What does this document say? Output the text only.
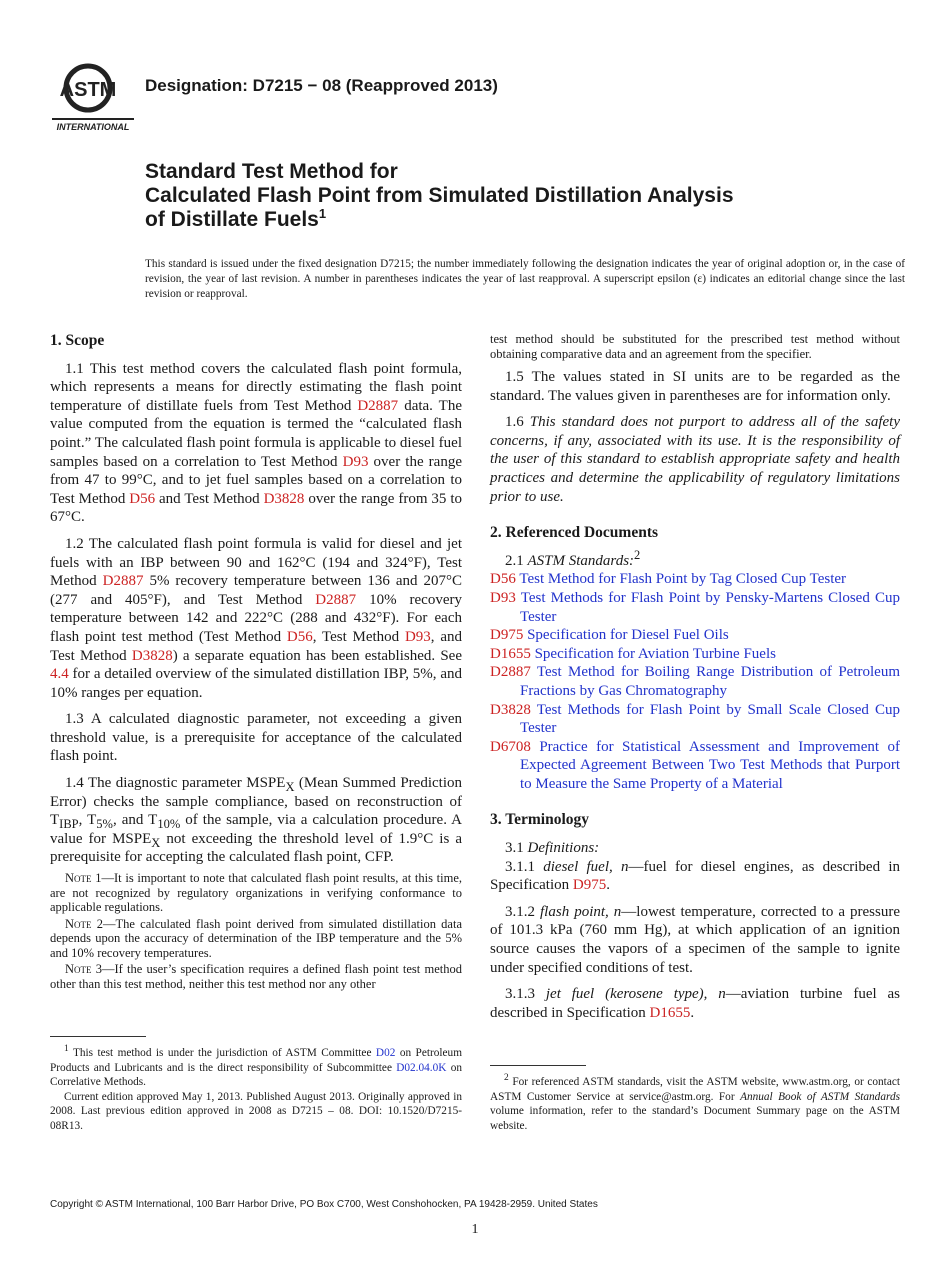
ASTM
INTERNATIONAL
Designation: D7215 − 08 (Reapproved 2013)
Standard Test Method for
Calculated Flash Point from Simulated Distillation Analysis
of Distillate Fuels$^1$
This standard is issued under the fixed designation D7215; the number immediately following the designation indicates the year of original adoption or, in the case of revision, the year of last revision. A number in parentheses indicates the year of last reapproval. A superscript epsilon (ε) indicates an editorial change since the last revision or reapproval.
1. Scope

1.1 This test method covers the calculated flash point formula, which represents a means for directly estimating the flash point temperature of distillate fuels from Test Method D2887 data. The value computed from the equation is termed the “calculated flash point.” The calculated flash point formula is applicable to diesel fuel samples based on a correlation to Test Method D93 over the range from 47 to 99°C, and to jet fuel samples based on a correlation to Test Method D56 and Test Method D3828 over the range from 35 to 67°C.

1.2 The calculated flash point formula is valid for diesel and jet fuels with an IBP between 90 and 162°C (194 and 324°F), Test Method D2887 5% recovery temperature between 136 and 207°C (277 and 405°F), and Test Method D2887 10% recovery temperature between 142 and 222°C (288 and 432°F). For each flash point test method (Test Method D56, Test Method D93, and Test Method D3828) a separate equation has been established. See 4.4 for a detailed overview of the simulated distillation IBP, 5%, and 10% ranges per equation.

1.3 A calculated diagnostic parameter, not exceeding a given threshold value, is a prerequisite for acceptance of the calculated flash point.

1.4 The diagnostic parameter $MSPE_X$ (Mean Summed Prediction Error) checks the sample compliance, based on reconstruction of $T_{IBP}$, $T_{5\%}$, and $T_{10\%}$ of the sample, via a calculation procedure. A value for $MSPE_X$ not exceeding the threshold level of 1.9°C is a prerequisite for accepting the calculated flash point, CFP.

Note 1—It is important to note that calculated flash point results, at this time, are not recognized by regulatory organizations in verifying conformance to applicable regulations.

Note 2—The calculated flash point derived from simulated distillation data depends upon the accuracy of determination of the IBP temperature and the 5% and 10% recovery temperatures.

Note 3—If the user’s specification requires a defined flash point test method other than this test method, neither this test method nor any other

$^1$ This test method is under the jurisdiction of ASTM Committee D02 on Petroleum Products and Lubricants and is the direct responsibility of Subcommittee D02.04.0K on Correlative Methods.

Current edition approved May 1, 2013. Published August 2013. Originally approved in 2008. Last previous edition approved in 2008 as D7215 – 08. DOI: 10.1520/D7215-08R13.

test method should be substituted for the prescribed test method without obtaining comparative data and an agreement from the specifier.

1.5 The values stated in SI units are to be regarded as the standard. The values given in parentheses are for information only.

1.6 This standard does not purport to address all of the safety concerns, if any, associated with its use. It is the responsibility of the user of this standard to establish appropriate safety and health practices and determine the applicability of regulatory limitations prior to use.

2. Referenced Documents

2.1 ASTM Standards:$^2$

D56 Test Method for Flash Point by Tag Closed Cup Tester
D93 Test Methods for Flash Point by Pensky-Martens Closed Cup Tester
D975 Specification for Diesel Fuel Oils
D1655 Specification for Aviation Turbine Fuels
D2887 Test Method for Boiling Range Distribution of Petroleum Fractions by Gas Chromatography
D3828 Test Methods for Flash Point by Small Scale Closed Cup Tester
D6708 Practice for Statistical Assessment and Improvement of Expected Agreement Between Two Test Methods that Purport to Measure the Same Property of a Material
3. Terminology

3.1 Definitions:

3.1.1 diesel fuel, n—fuel for diesel engines, as described in Specification D975.

3.1.2 flash point, n—lowest temperature, corrected to a pressure of 101.3 kPa (760 mm Hg), at which application of an ignition source causes the vapors of a specimen of the sample to ignite under specified conditions of test.

3.1.3 jet fuel (kerosene type), n—aviation turbine fuel as described in Specification D1655.

$^2$ For referenced ASTM standards, visit the ASTM website, www.astm.org, or contact ASTM Customer Service at service@astm.org. For Annual Book of ASTM Standards volume information, refer to the standard’s Document Summary page on the ASTM website.

Copyright © ASTM International, 100 Barr Harbor Drive, PO Box C700, West Conshohocken, PA 19428-2959. United States
1
